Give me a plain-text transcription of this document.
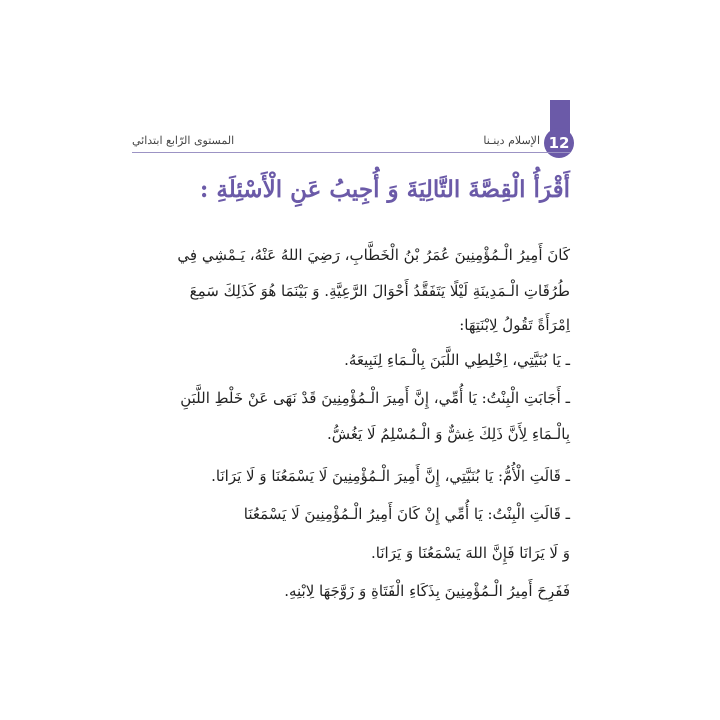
12
الإسلام دينـنا
المستوى الرّابع ابتدائي
أَقْرَأُ الْقِصَّةَ التَّالِيَةَ وَ أُجِيبُ عَنِ الْأَسْئِلَةِ :
كَانَ أَمِيرُ الْـمُؤْمِنِينَ عُمَرُ بْنُ الْخَطَّابِ، رَضِيَ اللهُ عَنْهُ، يَـمْشِي فِي
طُرُقَاتِ الْـمَدِينَةِ لَيْلًا يَتَفَقَّدُ أَحْوَالَ الرَّعِيَّةِ. وَ بَيْنَمَا هُوَ كَذَلِكَ سَمِعَ
اِمْرَأَةً تَقُولُ لِابْنَتِهَا:
ـ يَا بُنَيَّتِي، اِخْلِطِي اللَّبَنَ بِالْـمَاءِ لِنَبِيعَهُ.
ـ أَجَابَتِ الْبِنْتُ: يَا أُمِّي، إِنَّ أَمِيرَ الْـمُؤْمِنِينَ قَدْ نَهَى عَنْ خَلْطِ اللَّبَنِ
بِالْـمَاءِ لِأَنَّ ذَلِكَ غِشٌّ وَ الْـمُسْلِمُ لَا يَغُشُّ.
ـ قَالَتِ الْأُمُّ: يَا بُنَيَّتِي، إِنَّ أَمِيرَ الْـمُؤْمِنِينَ لَا يَسْمَعُنَا وَ لَا يَرَانَا.
ـ قَالَتِ الْبِنْتُ: يَا أُمِّي إِنْ كَانَ أَمِيرُ الْـمُؤْمِنِينَ لَا يَسْمَعُنَا
وَ لَا يَرَانَا فَإِنَّ اللهَ يَسْمَعُنَا وَ يَرَانَا.
فَفَرِحَ أَمِيرُ الْـمُؤْمِنِينَ بِذَكَاءِ الْفَتَاةِ وَ زَوَّجَهَا لِابْنِهِ.
